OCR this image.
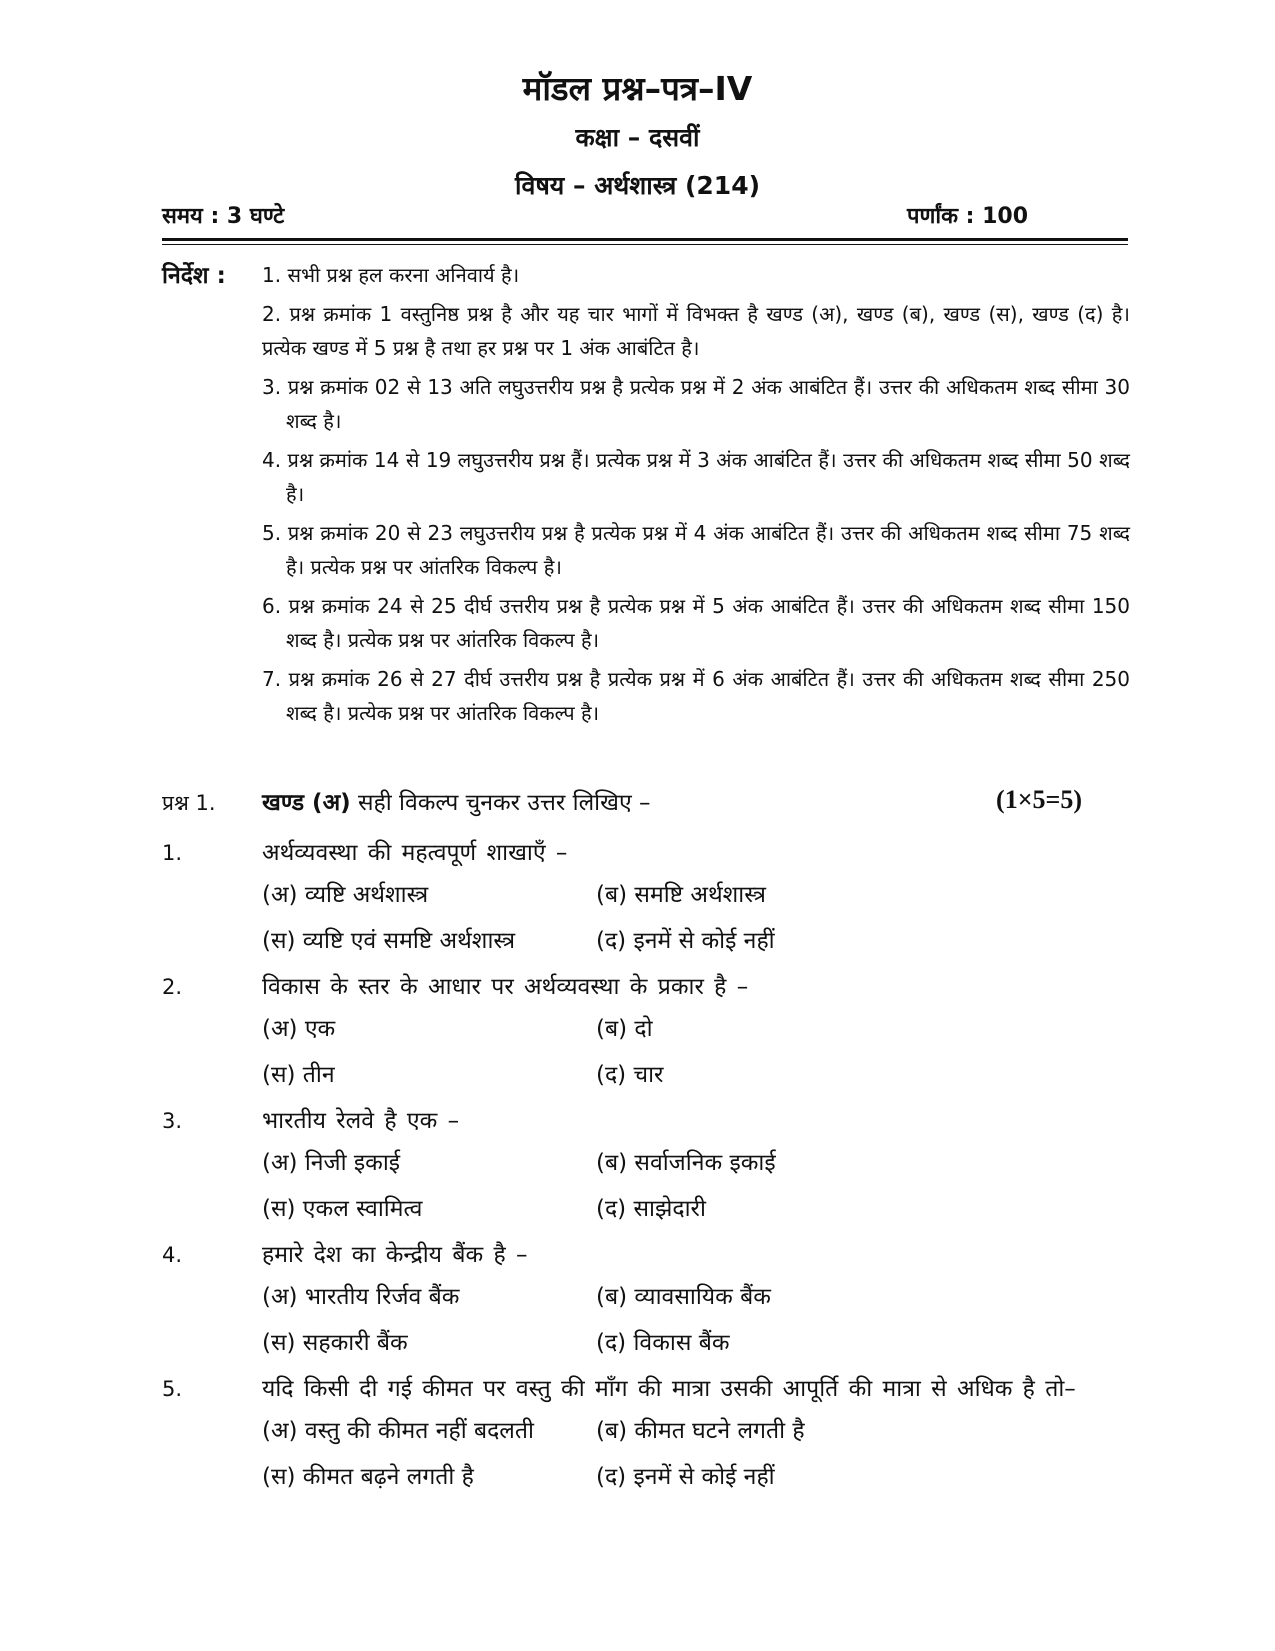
मॉडल प्रश्न–पत्र–IV
कक्षा – दसवीं
विषय – अर्थशास्त्र (214)
समय : 3 घण्टे	पर्णांक : 100
निर्देश : 1. सभी प्रश्न हल करना अनिवार्य है।
2. प्रश्न क्रमांक 1 वस्तुनिष्ठ प्रश्न है और यह चार भागों में विभक्त है खण्ड (अ), खण्ड (ब), खण्ड (स), खण्ड (द) है। प्रत्येक खण्ड में 5 प्रश्न है तथा हर प्रश्न पर 1 अंक आबंटित है।
3. प्रश्न क्रमांक 02 से 13 अति लघुउत्तरीय प्रश्न है प्रत्येक प्रश्न में 2 अंक आबंटित हैं। उत्तर की अधिकतम शब्द सीमा 30 शब्द है।
4. प्रश्न क्रमांक 14 से 19 लघुउत्तरीय प्रश्न हैं। प्रत्येक प्रश्न में 3 अंक आबंटित हैं। उत्तर की अधिकतम शब्द सीमा 50 शब्द है।
5. प्रश्न क्रमांक 20 से 23 लघुउत्तरीय प्रश्न है प्रत्येक प्रश्न में 4 अंक आबंटित हैं। उत्तर की अधिकतम शब्द सीमा 75 शब्द है। प्रत्येक प्रश्न पर आंतरिक विकल्प है।
6. प्रश्न क्रमांक 24 से 25 दीर्घ उत्तरीय प्रश्न है प्रत्येक प्रश्न में 5 अंक आबंटित हैं। उत्तर की अधिकतम शब्द सीमा 150 शब्द है। प्रत्येक प्रश्न पर आंतरिक विकल्प है।
7. प्रश्न क्रमांक 26 से 27 दीर्घ उत्तरीय प्रश्न है प्रत्येक प्रश्न में 6 अंक आबंटित हैं। उत्तर की अधिकतम शब्द सीमा 250 शब्द है। प्रत्येक प्रश्न पर आंतरिक विकल्प है।
प्रश्न 1. खण्ड (अ) सही विकल्प चुनकर उत्तर लिखिए –	(1×5=5)
1.	अर्थव्यवस्था की महत्वपूर्ण शाखाएँ –
(अ) व्यष्टि अर्थशास्त्र	(ब) समष्टि अर्थशास्त्र
(स) व्यष्टि एवं समष्टि अर्थशास्त्र	(द) इनमें से कोई नहीं
2.	विकास के स्तर के आधार पर अर्थव्यवस्था के प्रकार है –
(अ) एक	(ब) दो
(स) तीन	(द) चार
3.	भारतीय रेलवे है एक –
(अ) निजी इकाई	(ब) सर्वाजनिक इकाई
(स) एकल स्वामित्व	(द) साझेदारी
4.	हमारे देश का केन्द्रीय बैंक है –
(अ) भारतीय रिर्जव बैंक	(ब) व्यावसायिक बैंक
(स) सहकारी बैंक	(द) विकास बैंक
5.	यदि किसी दी गई कीमत पर वस्तु की माँग की मात्रा उसकी आपूर्ति की मात्रा से अधिक है तो–
(अ) वस्तु की कीमत नहीं बदलती	(ब) कीमत घटने लगती है
(स) कीमत बढ़ने लगती है	(द) इनमें से कोई नहीं
